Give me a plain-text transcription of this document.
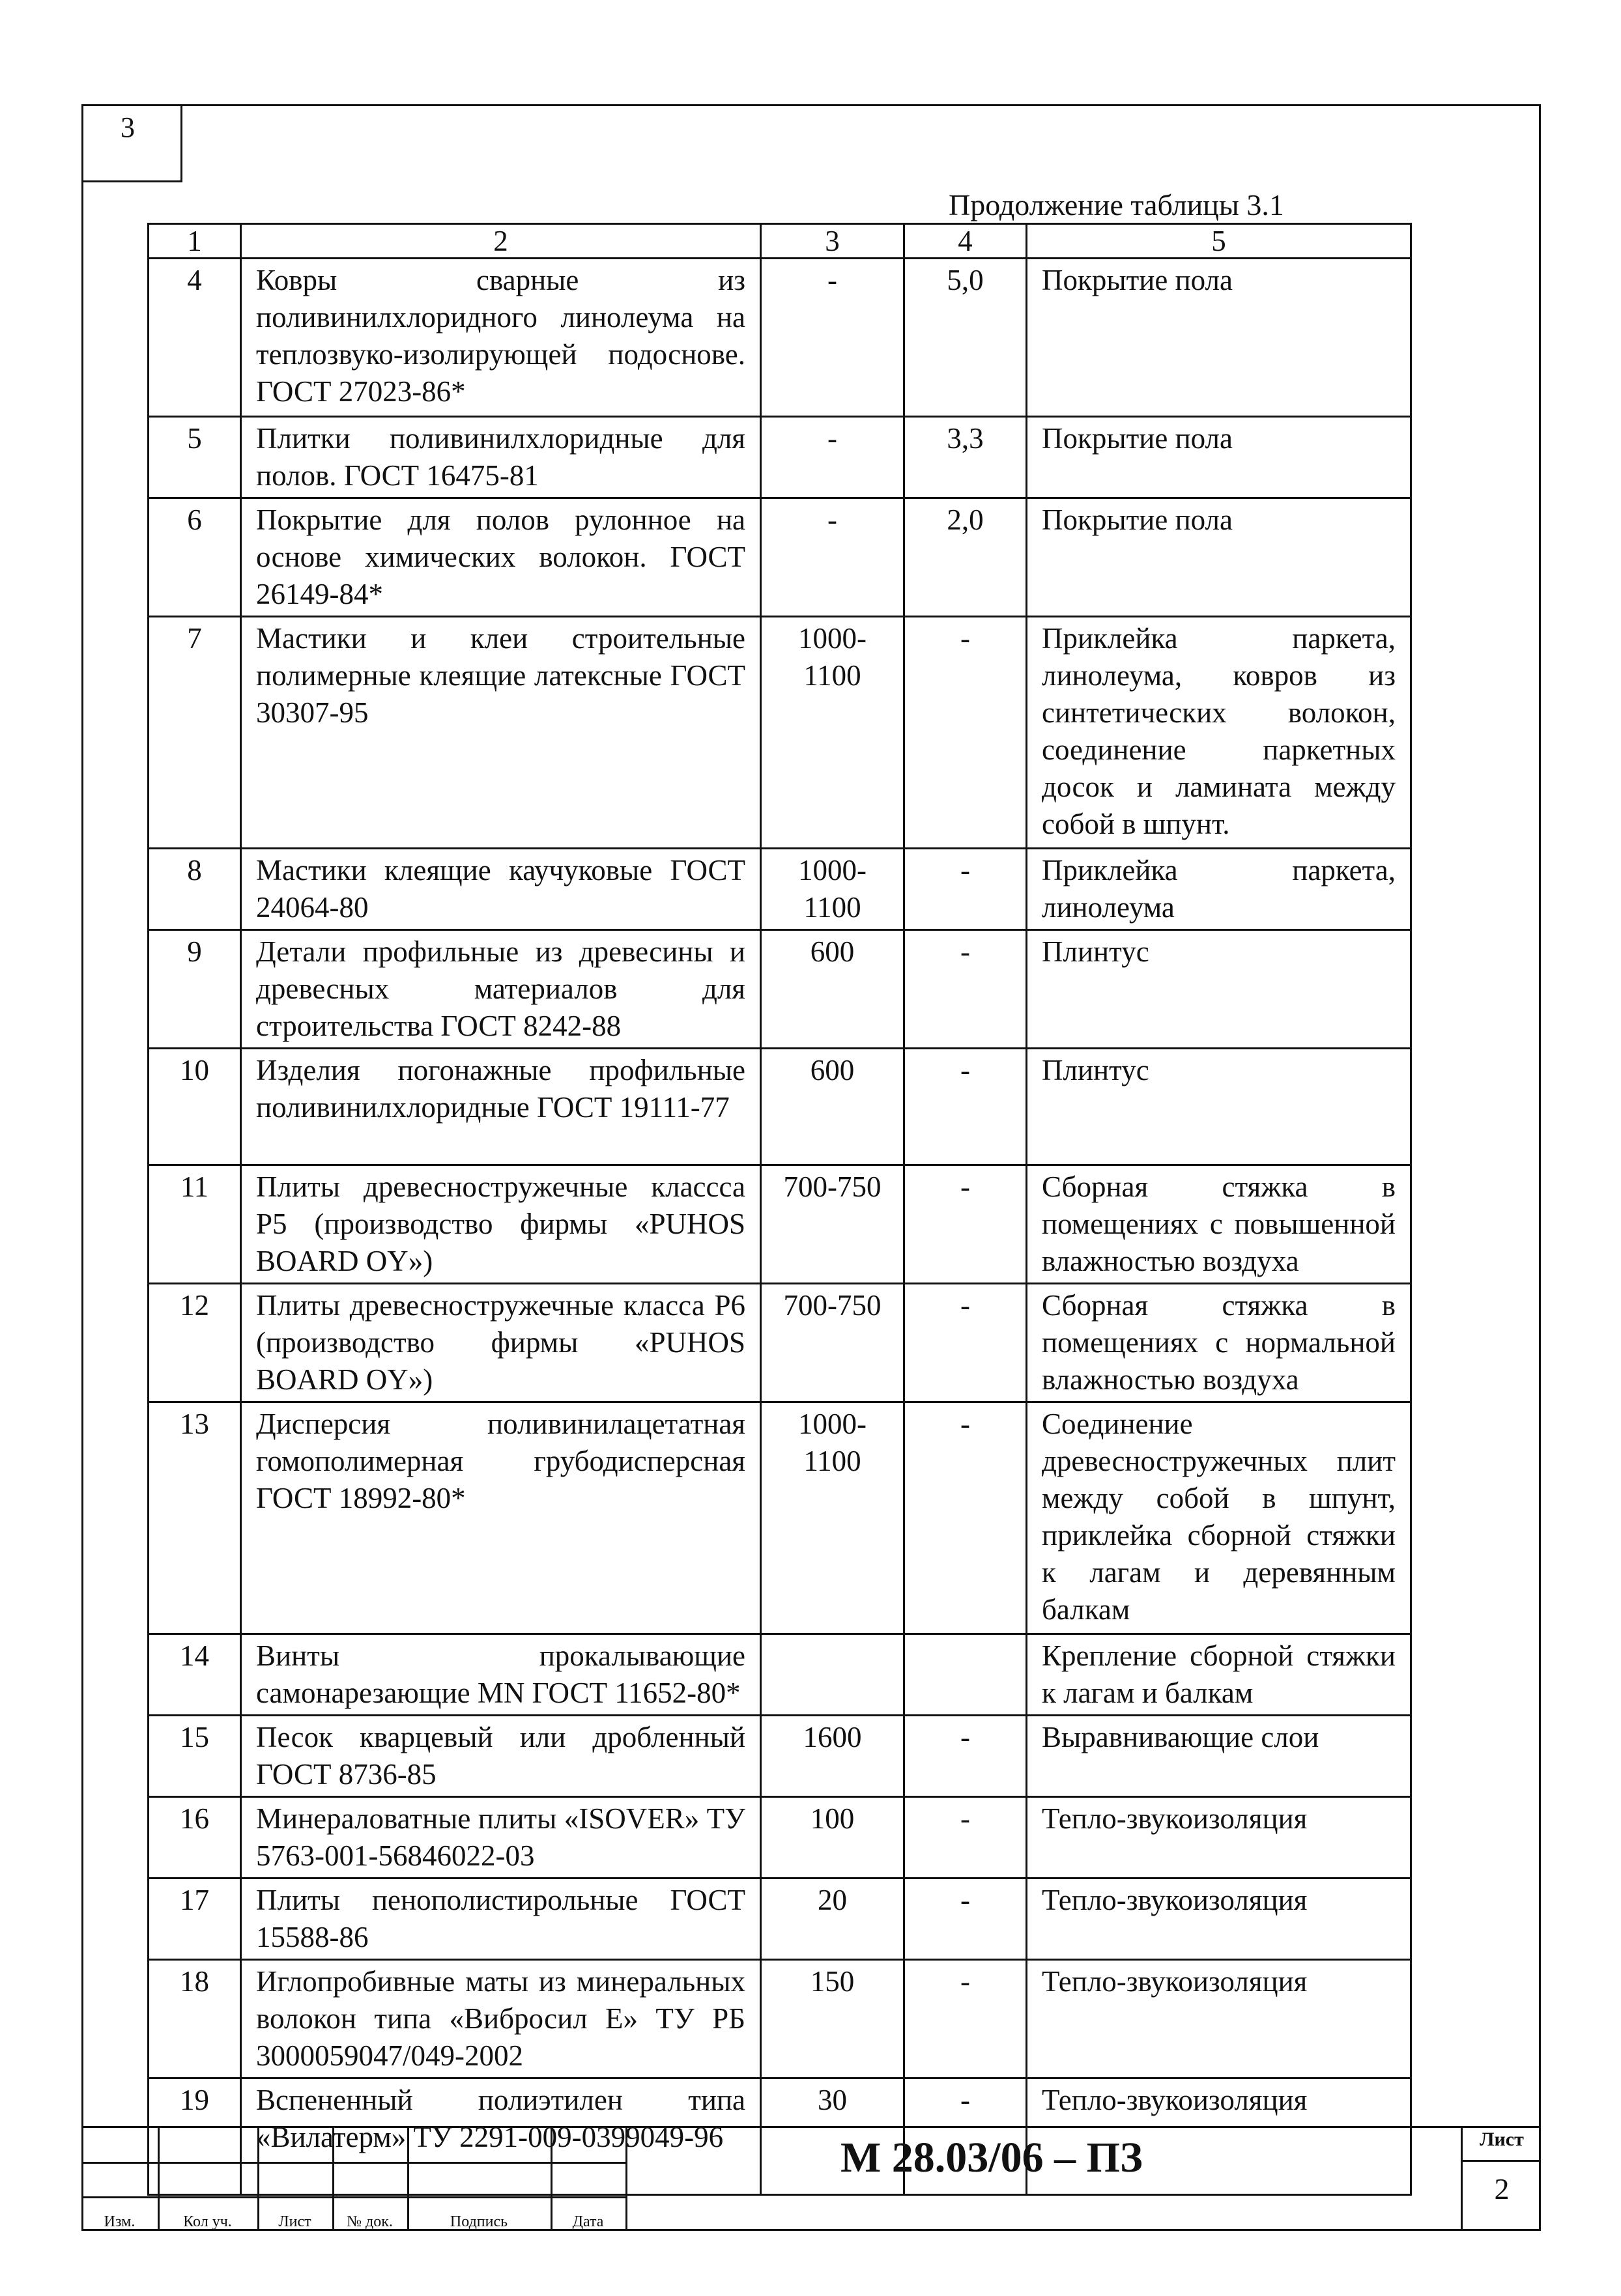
3
Продолжение таблицы 3.1
1	2	3	4	5
4	Ковры сварные из поливинилхлоридного линолеума на теплозвуко-изолирующей подоснове. ГОСТ 27023-86*	-	5,0	Покрытие пола
5	Плитки поливинилхлоридные для полов. ГОСТ 16475-81	-	3,3	Покрытие пола
6	Покрытие для полов рулонное на основе химических волокон. ГОСТ 26149-84*	-	2,0	Покрытие пола
7	Мастики и клеи строительные полимерные клеящие латексные ГОСТ 30307-95	1000-1100	-	Приклейка паркета, линолеума, ковров из синтетических волокон, соединение паркетных досок и ламината между собой в шпунт.
8	Мастики клеящие каучуковые ГОСТ 24064-80	1000-1100	-	Приклейка паркета, линолеума
9	Детали профильные из древесины и древесных материалов для строительства ГОСТ 8242-88	600	-	Плинтус
10	Изделия погонажные профильные поливинилхлоридные ГОСТ 19111-77	600	-	Плинтус
11	Плиты древесностружечные классса Р5 (производство фирмы «PUHOS BOARD OY»)	700-750	-	Сборная стяжка в помещениях с повышенной влажностью воздуха
12	Плиты древесностружечные класса Р6 (производство фирмы «PUHOS BOARD OY»)	700-750	-	Сборная стяжка в помещениях с нормальной влажностью воздуха
13	Дисперсия поливинилацетатная гомополимерная грубодисперсная ГОСТ 18992-80*	1000-1100	-	Соединение древесностружечных плит между собой в шпунт, приклейка сборной стяжки к лагам и деревянным балкам
14	Винты прокалывающие самонарезающие MN ГОСТ 11652-80*			Крепление сборной стяжки к лагам и балкам
15	Песок кварцевый или дробленный ГОСТ 8736-85	1600	-	Выравнивающие слои
16	Минераловатные плиты «ISOVER» ТУ 5763-001-56846022-03	100	-	Тепло-звукоизоляция
17	Плиты пенополистирольные ГОСТ 15588-86	20	-	Тепло-звукоизоляция
18	Иглопробивные маты из минеральных волокон типа «Вибросил Е» ТУ РБ 3000059047/049-2002	150	-	Тепло-звукоизоляция
19	Вспененный полиэтилен типа «Вилатерм» ТУ 2291-009-0399049-96	30	-	Тепло-звукоизоляция
Изм.	Кол уч.	Лист	№ док.	Подпись	Дата
М 28.03/06 – ПЗ	Лист
2
